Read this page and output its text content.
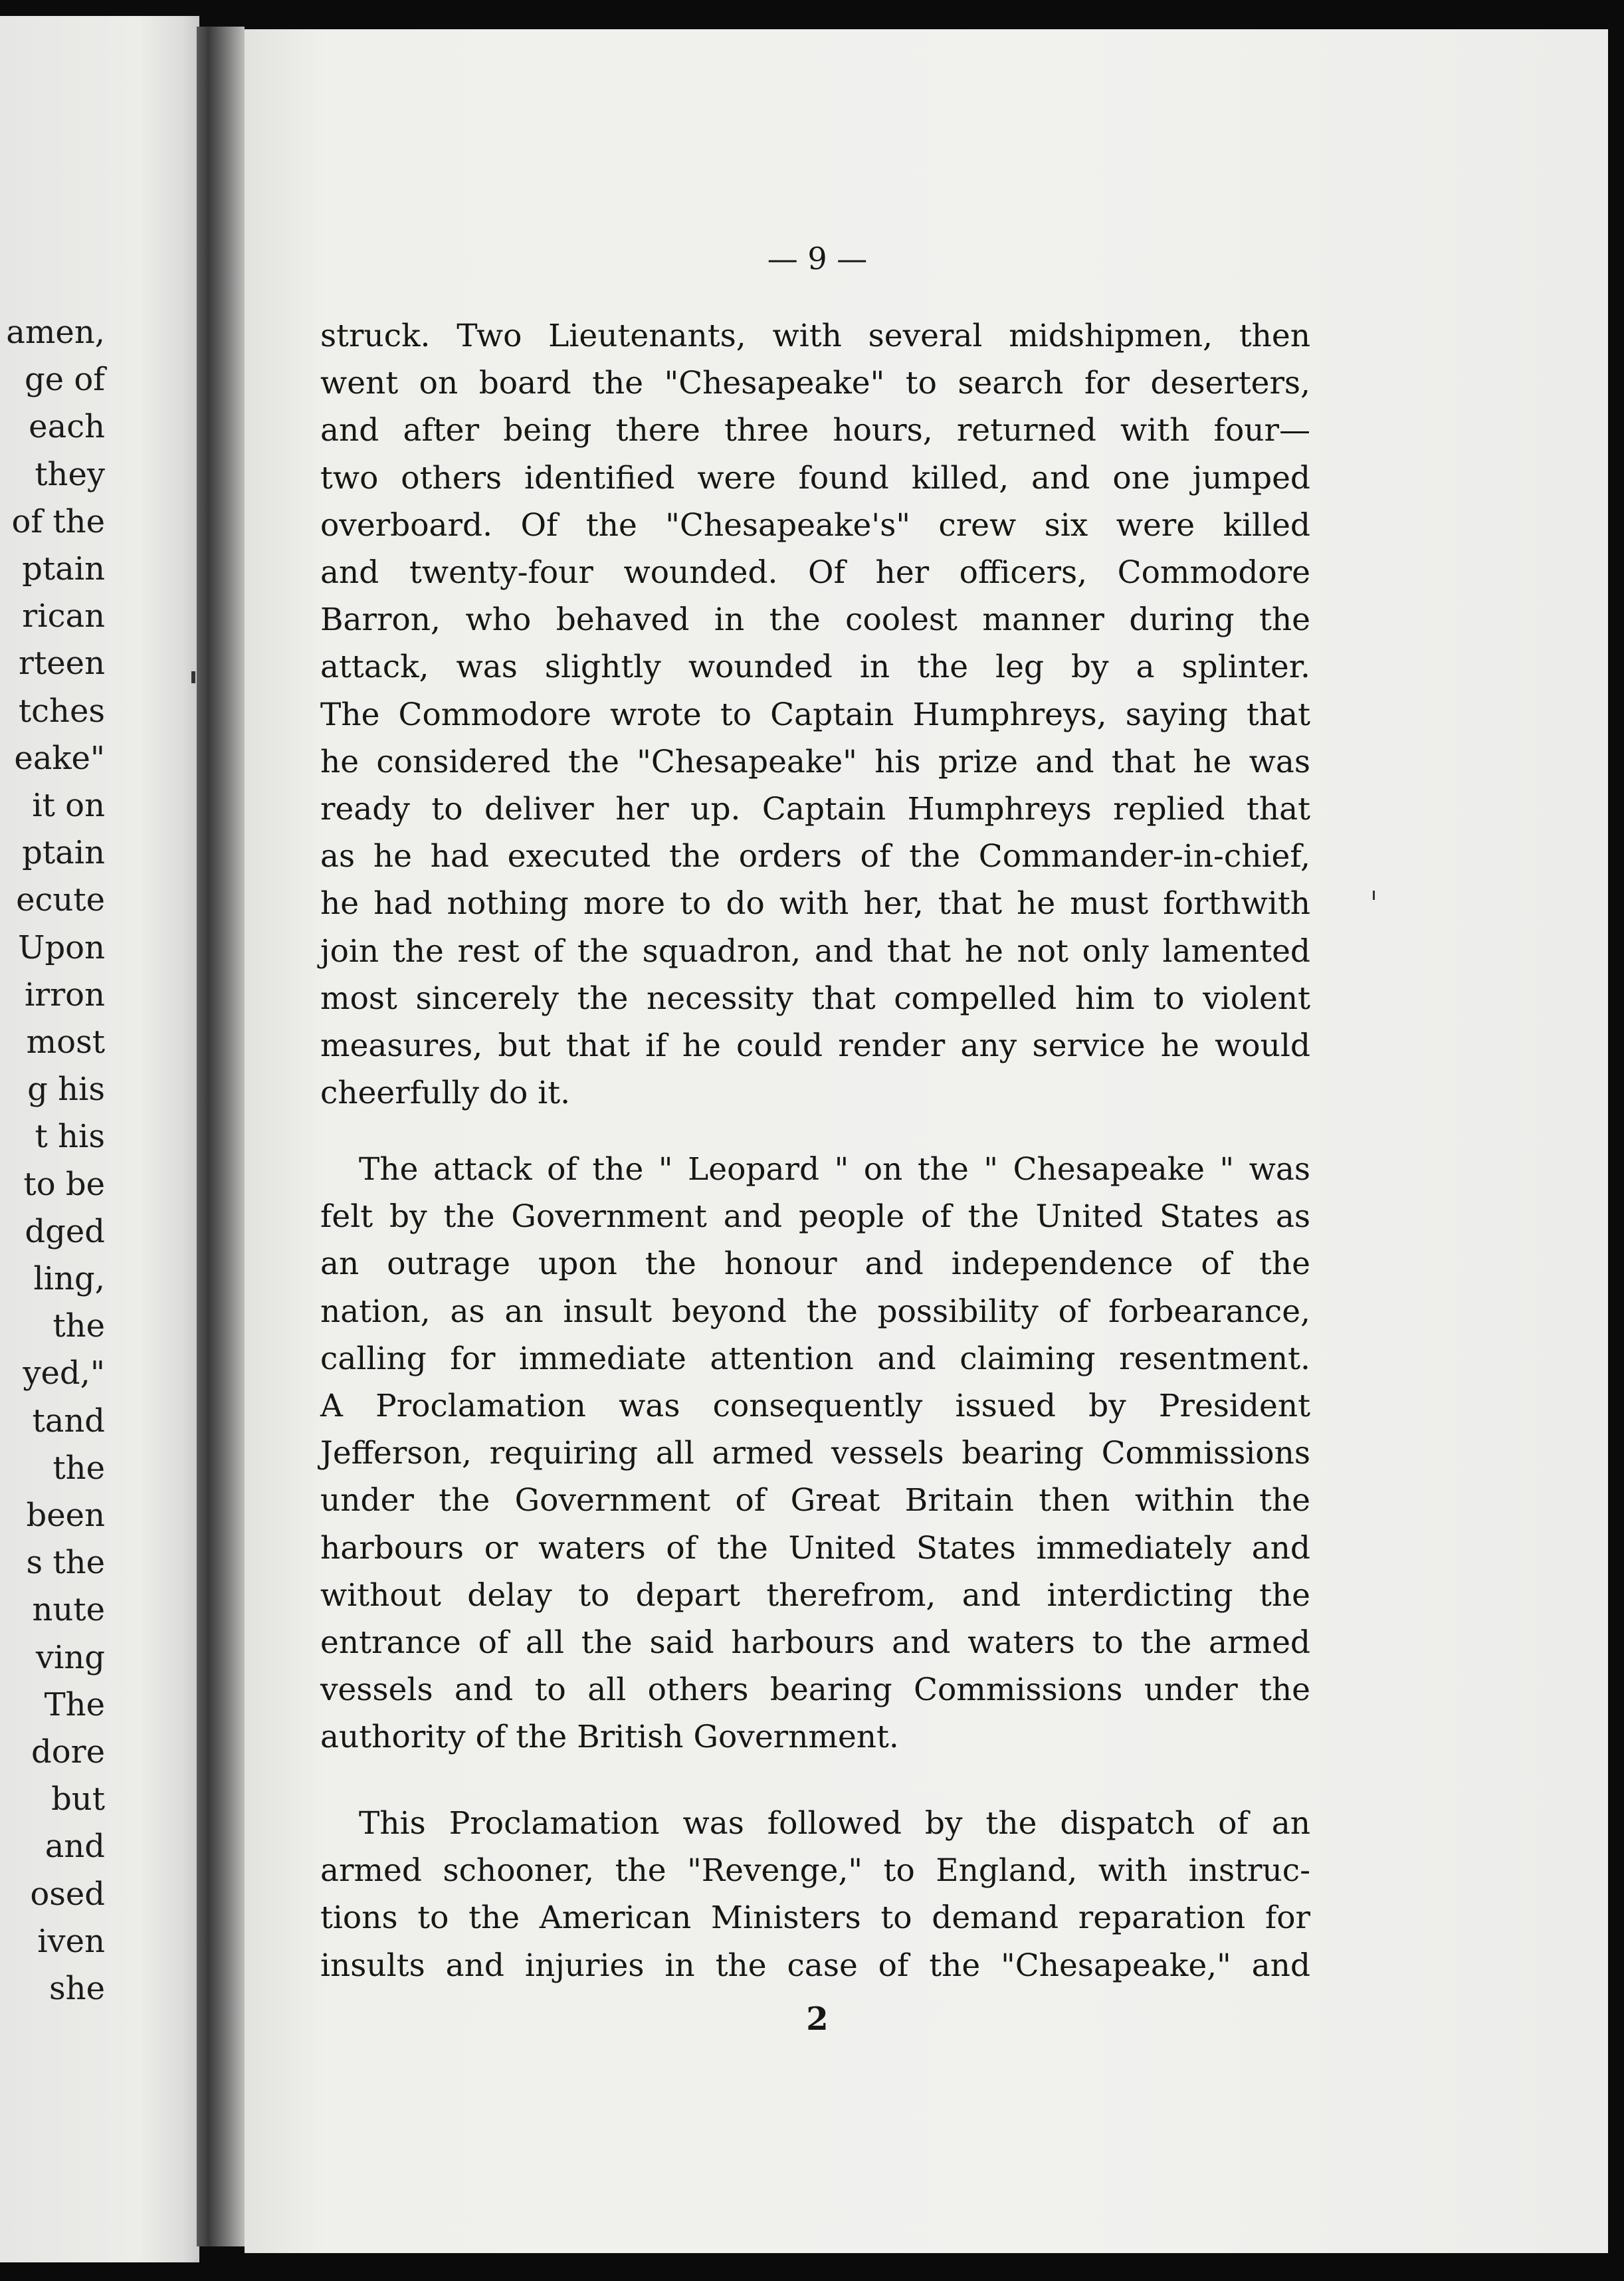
amen,
ge of
each
they
of the
ptain
rican
rteen
tches
eake"
it on
ptain
ecute
Upon
irron
most
g his
t his
to be
dged
ling,
the
yed,"
tand
the
been
s the
nute
ving
The
dore
but
and
osed
iven
she
— 9 —
struck. Two Lieutenants, with several midshipmen, then
went on board the "Chesapeake" to search for deserters,
and after being there three hours, returned with four—
two others identified were found killed, and one jumped
overboard. Of the "Chesapeake's" crew six were killed
and twenty-four wounded. Of her officers, Commodore
Barron, who behaved in the coolest manner during the
attack, was slightly wounded in the leg by a splinter.
The Commodore wrote to Captain Humphreys, saying that
he considered the "Chesapeake" his prize and that he was
ready to deliver her up. Captain Humphreys replied that
as he had executed the orders of the Commander-in-chief,
he had nothing more to do with her, that he must forthwith
join the rest of the squadron, and that he not only lamented
most sincerely the necessity that compelled him to violent
measures, but that if he could render any service he would
cheerfully do it.
The attack of the " Leopard " on the " Chesapeake " was
felt by the Government and people of the United States as
an outrage upon the honour and independence of the
nation, as an insult beyond the possibility of forbearance,
calling for immediate attention and claiming resentment.
A Proclamation was consequently issued by President
Jefferson, requiring all armed vessels bearing Commissions
under the Government of Great Britain then within the
harbours or waters of the United States immediately and
without delay to depart therefrom, and interdicting the
entrance of all the said harbours and waters to the armed
vessels and to all others bearing Commissions under the
authority of the British Government.
This Proclamation was followed by the dispatch of an
armed schooner, the "Revenge," to England, with instruc-
tions to the American Ministers to demand reparation for
insults and injuries in the case of the "Chesapeake," and
2
